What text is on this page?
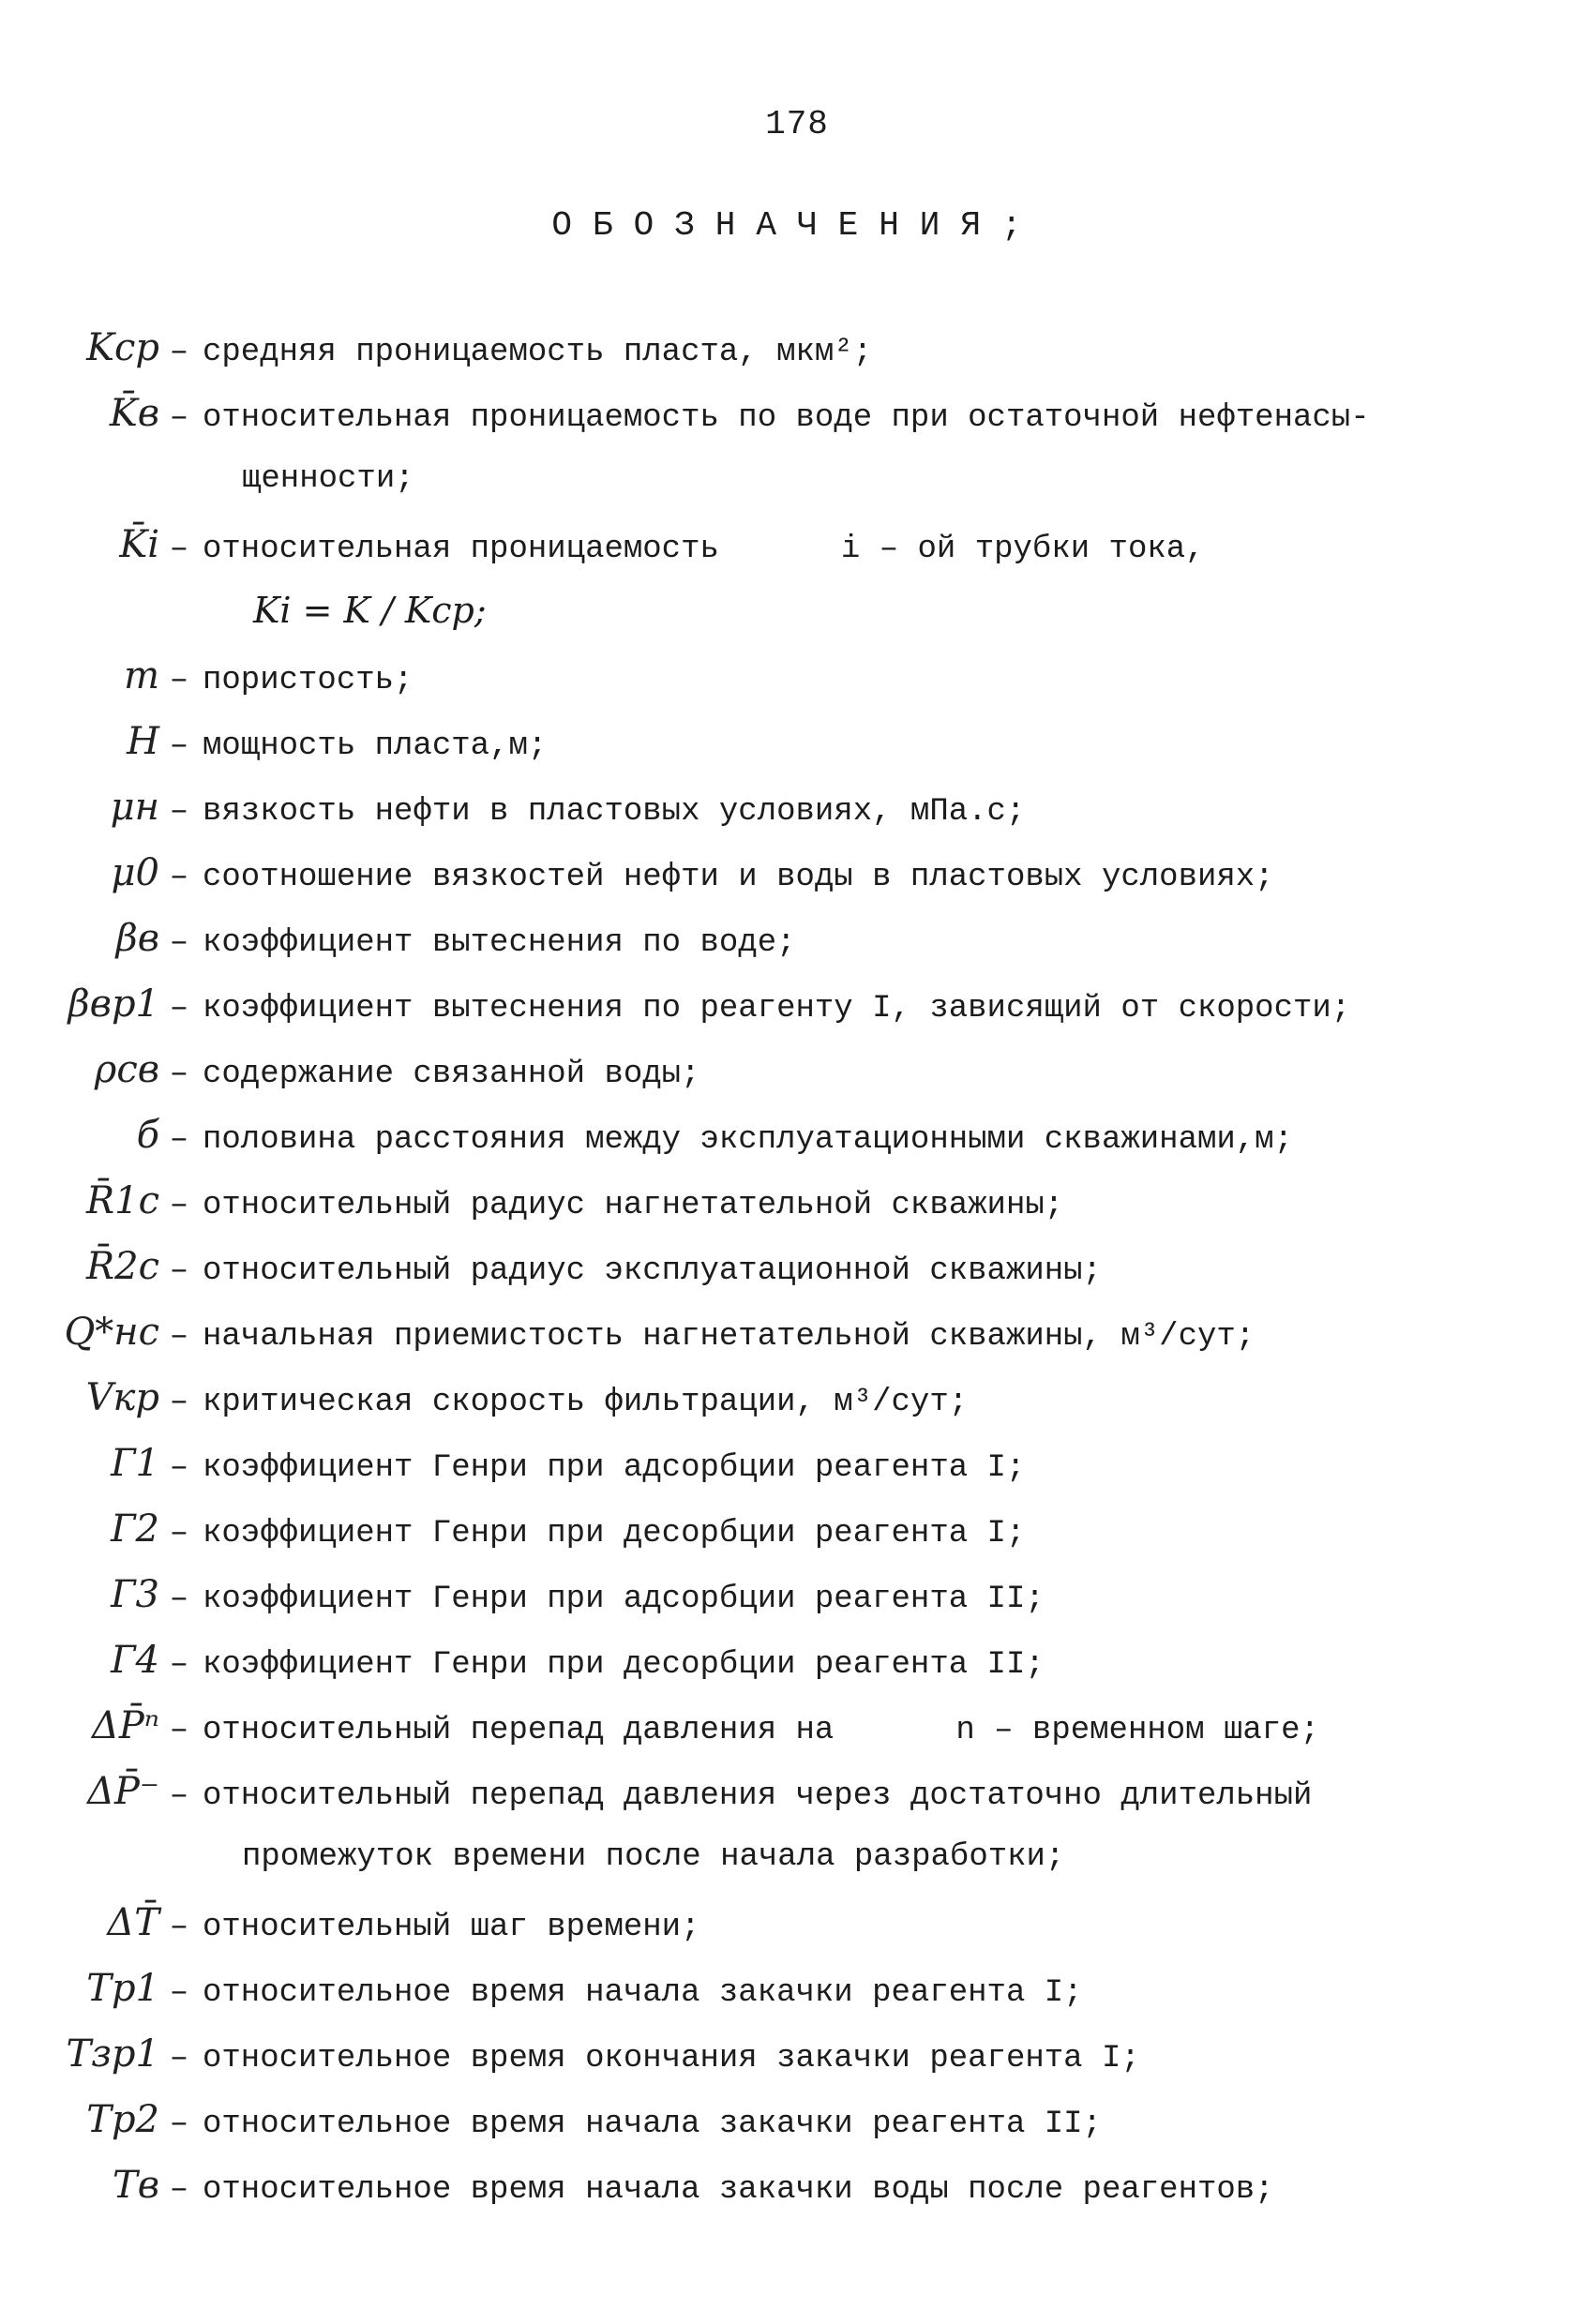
178
ОБОЗНАЧЕНИЯ;
Kср – средняя проницаемость пласта, мкм²;
K̄в – относительная проницаемость по воде при остаточной нефтенасы-
щенности;
K̄i – относительная проницаемость	i – ой трубки тока,
Ki = K / Kср;
m – пористость;
H – мощность пласта,м;
μн – вязкость нефти в пластовых условиях, мПа.с;
μ0 – соотношение вязкостей нефти и воды в пластовых условиях;
βв – коэффициент вытеснения по воде;
βвр1 – коэффициент вытеснения по реагенту I, зависящий от скорости;
ρсв – содержание связанной воды;
б – половина расстояния между эксплуатационными скважинами,м;
R̄1с – относительный радиус нагнетательной скважины;
R̄2с – относительный радиус эксплуатационной скважины;
Q*нс – начальная приемистость нагнетательной скважины, м³/сут;
Vкр – критическая скорость фильтрации, м³/сут;
Г1 – коэффициент Генри при адсорбции реагента I;
Г2 – коэффициент Генри при десорбции реагента I;
Г3 – коэффициент Генри при адсорбции реагента II;
Г4 – коэффициент Генри при десорбции реагента II;
ΔP̄ⁿ – относительный перепад давления на	n – временном шаге;
ΔP̄⁻ – относительный перепад давления через достаточно длительный
промежуток времени после начала разработки;
ΔT̄ – относительный шаг времени;
Tр1 – относительное время начала закачки реагента I;
Tзр1 – относительное время окончания закачки реагента I;
Tр2 – относительное время начала закачки реагента II;
Tв – относительное время начала закачки воды после реагентов;
